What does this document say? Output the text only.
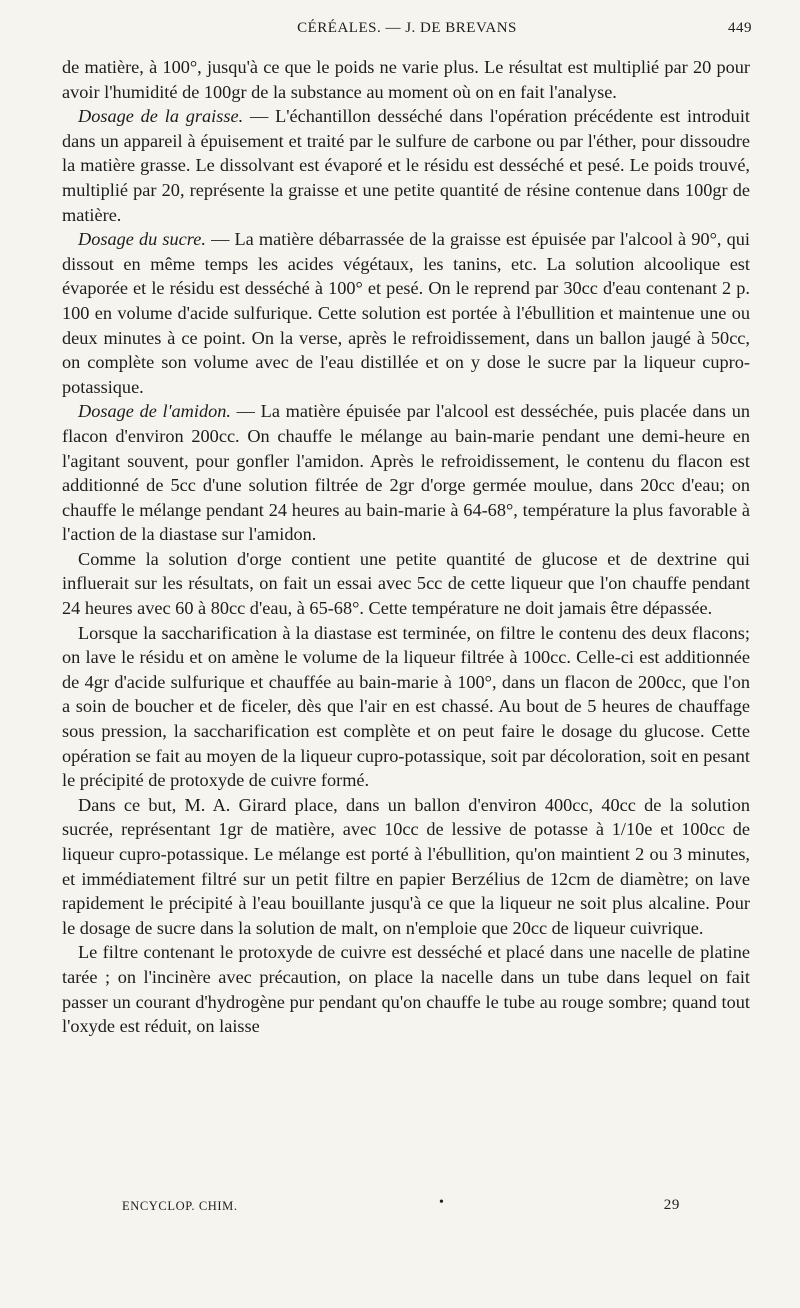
CÉRÉALES. — J. DE BREVANS	449

de matière, à 100°, jusqu'à ce que le poids ne varie plus. Le résultat est multiplié par 20 pour avoir l'humidité de 100gr de la substance au moment où on en fait l'analyse.

Dosage de la graisse. — L'échantillon desséché dans l'opération précédente est introduit dans un appareil à épuisement et traité par le sulfure de carbone ou par l'éther, pour dissoudre la matière grasse. Le dissolvant est évaporé et le résidu est desséché et pesé. Le poids trouvé, multiplié par 20, représente la graisse et une petite quantité de résine contenue dans 100gr de matière.

Dosage du sucre. — La matière débarrassée de la graisse est épuisée par l'alcool à 90°, qui dissout en même temps les acides végétaux, les tanins, etc. La solution alcoolique est évaporée et le résidu est desséché à 100° et pesé. On le reprend par 30cc d'eau contenant 2 p. 100 en volume d'acide sulfurique. Cette solution est portée à l'ébullition et maintenue une ou deux minutes à ce point. On la verse, après le refroidissement, dans un ballon jaugé à 50cc, on complète son volume avec de l'eau distillée et on y dose le sucre par la liqueur cupro-potassique.

Dosage de l'amidon. — La matière épuisée par l'alcool est desséchée, puis placée dans un flacon d'environ 200cc. On chauffe le mélange au bain-marie pendant une demi-heure en l'agitant souvent, pour gonfler l'amidon. Après le refroidissement, le contenu du flacon est additionné de 5cc d'une solution filtrée de 2gr d'orge germée moulue, dans 20cc d'eau; on chauffe le mélange pendant 24 heures au bain-marie à 64-68°, température la plus favorable à l'action de la diastase sur l'amidon.

Comme la solution d'orge contient une petite quantité de glucose et de dextrine qui influerait sur les résultats, on fait un essai avec 5cc de cette liqueur que l'on chauffe pendant 24 heures avec 60 à 80cc d'eau, à 65-68°. Cette température ne doit jamais être dépassée.

Lorsque la saccharification à la diastase est terminée, on filtre le contenu des deux flacons; on lave le résidu et on amène le volume de la liqueur filtrée à 100cc. Celle-ci est additionnée de 4gr d'acide sulfurique et chauffée au bain-marie à 100°, dans un flacon de 200cc, que l'on a soin de boucher et de ficeler, dès que l'air en est chassé. Au bout de 5 heures de chauffage sous pression, la saccharification est complète et on peut faire le dosage du glucose. Cette opération se fait au moyen de la liqueur cupro-potassique, soit par décoloration, soit en pesant le précipité de protoxyde de cuivre formé.

Dans ce but, M. A. Girard place, dans un ballon d'environ 400cc, 40cc de la solution sucrée, représentant 1gr de matière, avec 10cc de lessive de potasse à 1/10e et 100cc de liqueur cupro-potassique. Le mélange est porté à l'ébullition, qu'on maintient 2 ou 3 minutes, et immédiatement filtré sur un petit filtre en papier Berzélius de 12cm de diamètre; on lave rapidement le précipité à l'eau bouillante jusqu'à ce que la liqueur ne soit plus alcaline. Pour le dosage de sucre dans la solution de malt, on n'emploie que 20cc de liqueur cuivrique.

Le filtre contenant le protoxyde de cuivre est desséché et placé dans une nacelle de platine tarée ; on l'incinère avec précaution, on place la nacelle dans un tube dans lequel on fait passer un courant d'hydrogène pur pendant qu'on chauffe le tube au rouge sombre; quand tout l'oxyde est réduit, on laisse

ENCYCLOP. CHIM.	•	29
